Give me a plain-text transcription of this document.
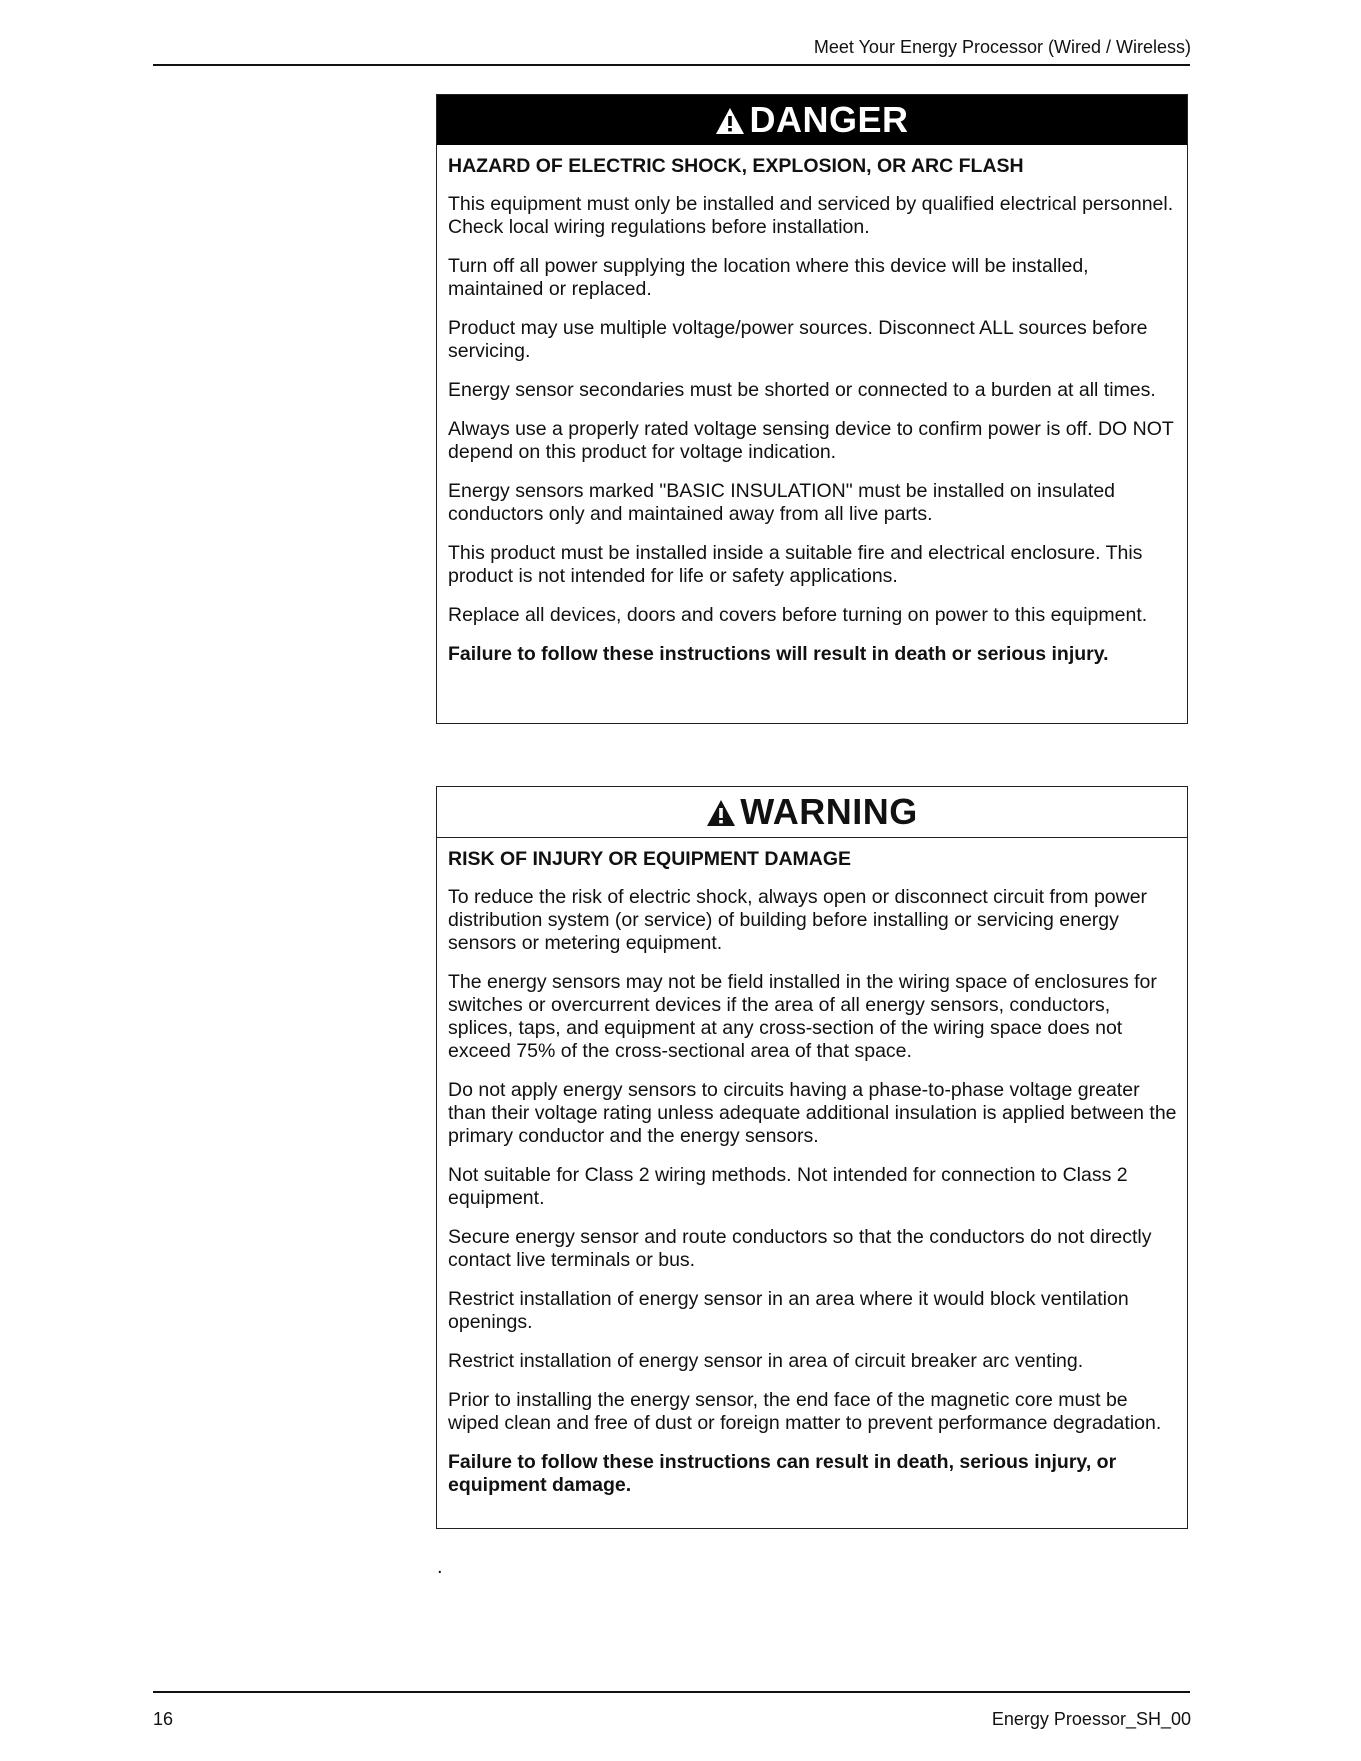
Meet Your Energy Processor (Wired / Wireless)
DANGER

HAZARD OF ELECTRIC SHOCK, EXPLOSION, OR ARC FLASH

This equipment must only be installed and serviced by qualified electrical personnel. Check local wiring regulations before installation.

Turn off all power supplying the location where this device will be installed, maintained or replaced.

Product may use multiple voltage/power sources. Disconnect ALL sources before servicing.

Energy sensor secondaries must be shorted or connected to a burden at all times.

Always use a properly rated voltage sensing device to confirm power is off. DO NOT depend on this product for voltage indication.

Energy sensors marked "BASIC INSULATION" must be installed on insulated conductors only and maintained away from all live parts.

This product must be installed inside a suitable fire and electrical enclosure. This product is not intended for life or safety applications.

Replace all devices, doors and covers before turning on power to this equipment.

Failure to follow these instructions will result in death or serious injury.

WARNING

RISK OF INJURY OR EQUIPMENT DAMAGE

To reduce the risk of electric shock, always open or disconnect circuit from power distribution system (or service) of building before installing or servicing energy sensors or metering equipment.

The energy sensors may not be field installed in the wiring space of enclosures for switches or overcurrent devices if the area of all energy sensors, conductors, splices, taps, and equipment at any cross-section of the wiring space does not exceed 75% of the cross-sectional area of that space.

Do not apply energy sensors to circuits having a phase-to-phase voltage greater than their voltage rating unless adequate additional insulation is applied between the primary conductor and the energy sensors.

Not suitable for Class 2 wiring methods. Not intended for connection to Class 2 equipment.

Secure energy sensor and route conductors so that the conductors do not directly contact live terminals or bus.

Restrict installation of energy sensor in an area where it would block ventilation openings.

Restrict installation of energy sensor in area of circuit breaker arc venting.

Prior to installing the energy sensor, the end face of the magnetic core must be wiped clean and free of dust or foreign matter to prevent performance degradation.

Failure to follow these instructions can result in death, serious injury, or equipment damage.

.
16	Energy Proessor_SH_00
